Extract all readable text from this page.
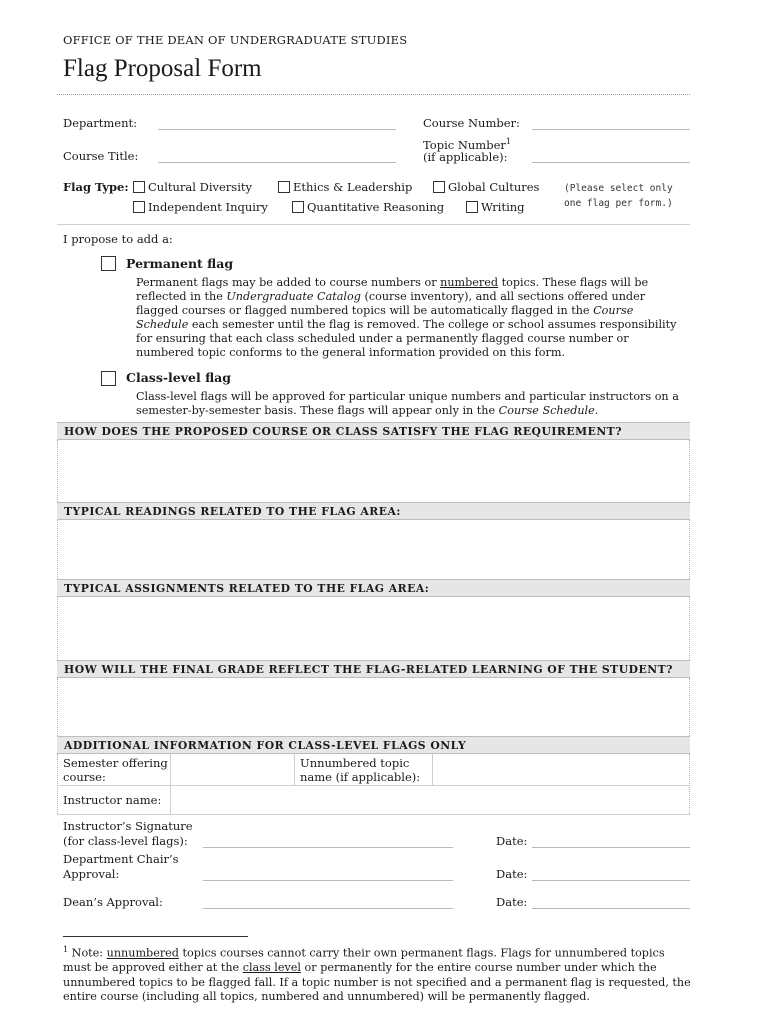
OFFICE OF THE DEAN OF UNDERGRADUATE STUDIES
Flag Proposal Form
Department:
Course Title:
Course Number:
Topic Number$^1$
(if applicable):
Flag Type:	Cultural Diversity	Ethics & Leadership	Global Cultures
Independent Inquiry	Quantitative Reasoning	Writing
(Please select only
one flag per form.)
I propose to add a:
Permanent flag
Permanent flags may be added to course numbers or numbered topics. These flags will be reflected in the Undergraduate Catalog (course inventory), and all sections offered under flagged courses or flagged numbered topics will be automatically flagged in the Course Schedule each semester until the flag is removed. The college or school assumes responsibility for ensuring that each class scheduled under a permanently flagged course number or numbered topic conforms to the general information provided on this form.
Class-level flag
Class-level flags will be approved for particular unique numbers and particular instructors on a semester-by-semester basis. These flags will appear only in the Course Schedule.
HOW DOES THE PROPOSED COURSE OR CLASS SATISFY THE FLAG REQUIREMENT?
TYPICAL READINGS RELATED TO THE FLAG AREA:
TYPICAL ASSIGNMENTS RELATED TO THE FLAG AREA:
HOW WILL THE FINAL GRADE REFLECT THE FLAG-RELATED LEARNING OF THE STUDENT?
ADDITIONAL INFORMATION FOR CLASS-LEVEL FLAGS ONLY
Semester offering
course:
Unnumbered topic
name (if applicable):
Instructor name:
Instructor’s Signature
(for class-level flags):	Date:
Department Chair’s
Approval:	Date:
Dean’s Approval:	Date:
$^1$ Note: unnumbered topics courses cannot carry their own permanent flags. Flags for unnumbered topics must be approved either at the class level or permanently for the entire course number under which the unnumbered topics to be flagged fall. If a topic number is not specified and a permanent flag is requested, the entire course (including all topics, numbered and unnumbered) will be permanently flagged.
